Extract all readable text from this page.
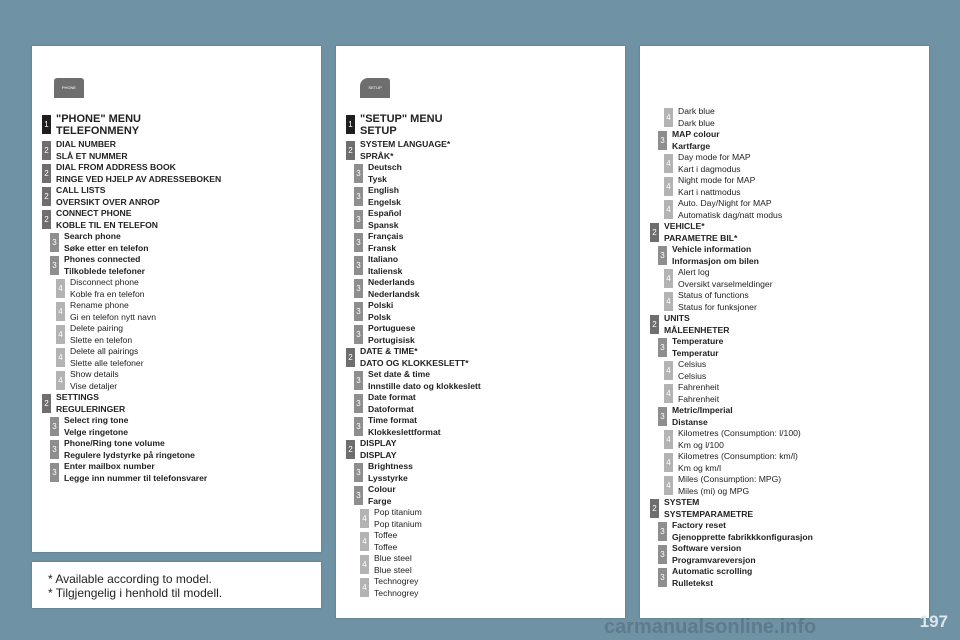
PHONE
1 "PHONE" MENU
TELEFONMENY
2
DIAL NUMBER
SLÅ ET NUMMER
2
DIAL FROM ADDRESS BOOK
RINGE VED HJELP AV ADRESSEBOKEN
2
CALL LISTS
OVERSIKT OVER ANROP
2
CONNECT PHONE
KOBLE TIL EN TELEFON
3
Search phone
Søke etter en telefon
3
Phones connected
Tilkoblede telefoner
4
Disconnect phone
Koble fra en telefon
4
Rename phone
Gi en telefon nytt navn
4
Delete pairing
Slette en telefon
4
Delete all pairings
Slette alle telefoner
4
Show details
Vise detaljer
2
SETTINGS
REGULERINGER
3
Select ring tone
Velge ringetone
3
Phone/Ring tone volume
Regulere lydstyrke på ringetone
3
Enter mailbox number
Legge inn nummer til telefonsvarer
SETUP
1 "SETUP" MENU
SETUP
2
SYSTEM LANGUAGE*
SPRÅK*
3
Deutsch
Tysk
3
English
Engelsk
3
Español
Spansk
3
Français
Fransk
3
Italiano
Italiensk
3
Nederlands
Nederlandsk
3
Polski
Polsk
3
Portuguese
Portugisisk
2
DATE & TIME*
DATO OG KLOKKESLETT*
3
Set date & time
Innstille dato og klokkeslett
3
Date format
Datoformat
3
Time format
Klokkeslettformat
2
DISPLAY
DISPLAY
3
Brightness
Lysstyrke
3
Colour
Farge
4
Pop titanium
Pop titanium
4
Toffee
Toffee
4
Blue steel
Blue steel
4
Technogrey
Technogrey
4
Dark blue
Dark blue
3
MAP colour
Kartfarge
4
Day mode for MAP
Kart i dagmodus
4
Night mode for MAP
Kart i nattmodus
4
Auto. Day/Night for MAP
Automatisk dag/natt modus
2
VEHICLE*
PARAMETRE BIL*
3
Vehicle information
Informasjon om bilen
4
Alert log
Oversikt varselmeldinger
4
Status of functions
Status for funksjoner
2
UNITS
MÅLEENHETER
3
Temperature
Temperatur
4
Celsius
Celsius
4
Fahrenheit
Fahrenheit
3
Metric/Imperial
Distanse
4
Kilometres (Consumption: l/100)
Km og l/100
4
Kilometres (Consumption: km/l)
Km og km/l
4
Miles (Consumption: MPG)
Miles (mi) og MPG
2
SYSTEM
SYSTEMPARAMETRE
3
Factory reset
Gjenopprette fabrikkkonfigurasjon
3
Software version
Programvareversjon
3
Automatic scrolling
Rulletekst
* Available according to model.
* Tilgjengelig i henhold til modell.
carmanualsonline.info	197
